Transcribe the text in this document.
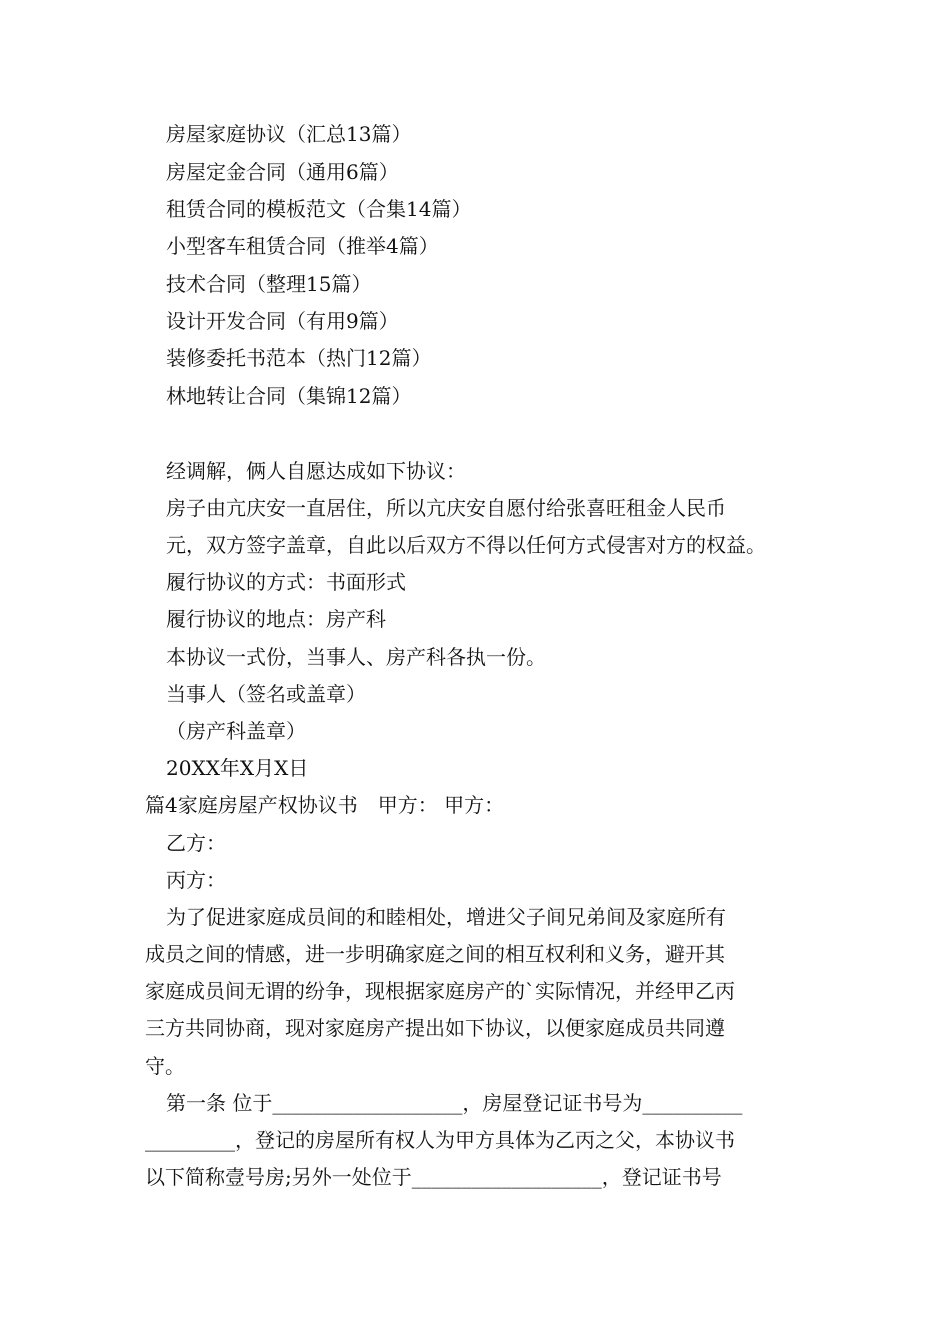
房屋家庭协议（汇总13篇）
房屋定金合同（通用6篇）
租赁合同的模板范文（合集14篇）
小型客车租赁合同（推举4篇）
技术合同（整理15篇）
设计开发合同（有用9篇）
装修委托书范本（热门12篇）
林地转让合同（集锦12篇）
经调解，俩人自愿达成如下协议：
房子由亢庆安一直居住，所以亢庆安自愿付给张喜旺租金人民币
元，双方签字盖章，自此以后双方不得以任何方式侵害对方的权益。
履行协议的方式：书面形式
履行协议的地点：房产科
本协议一式份，当事人、房产科各执一份。
当事人（签名或盖章）
（房产科盖章）
20XX年X月X日
篇4家庭房屋产权协议书　甲方： 甲方：
乙方：
丙方：
为了促进家庭成员间的和睦相处，增进父子间兄弟间及家庭所有
成员之间的情感，进一步明确家庭之间的相互权利和义务，避开其
家庭成员间无谓的纷争，现根据家庭房产的`实际情况，并经甲乙丙
三方共同协商，现对家庭房产提出如下协议，以便家庭成员共同遵
守。
第一条 位于___________________，房屋登记证书号为__________
_________，登记的房屋所有权人为甲方具体为乙丙之父，本协议书
以下简称壹号房;另外一处位于___________________，登记证书号
